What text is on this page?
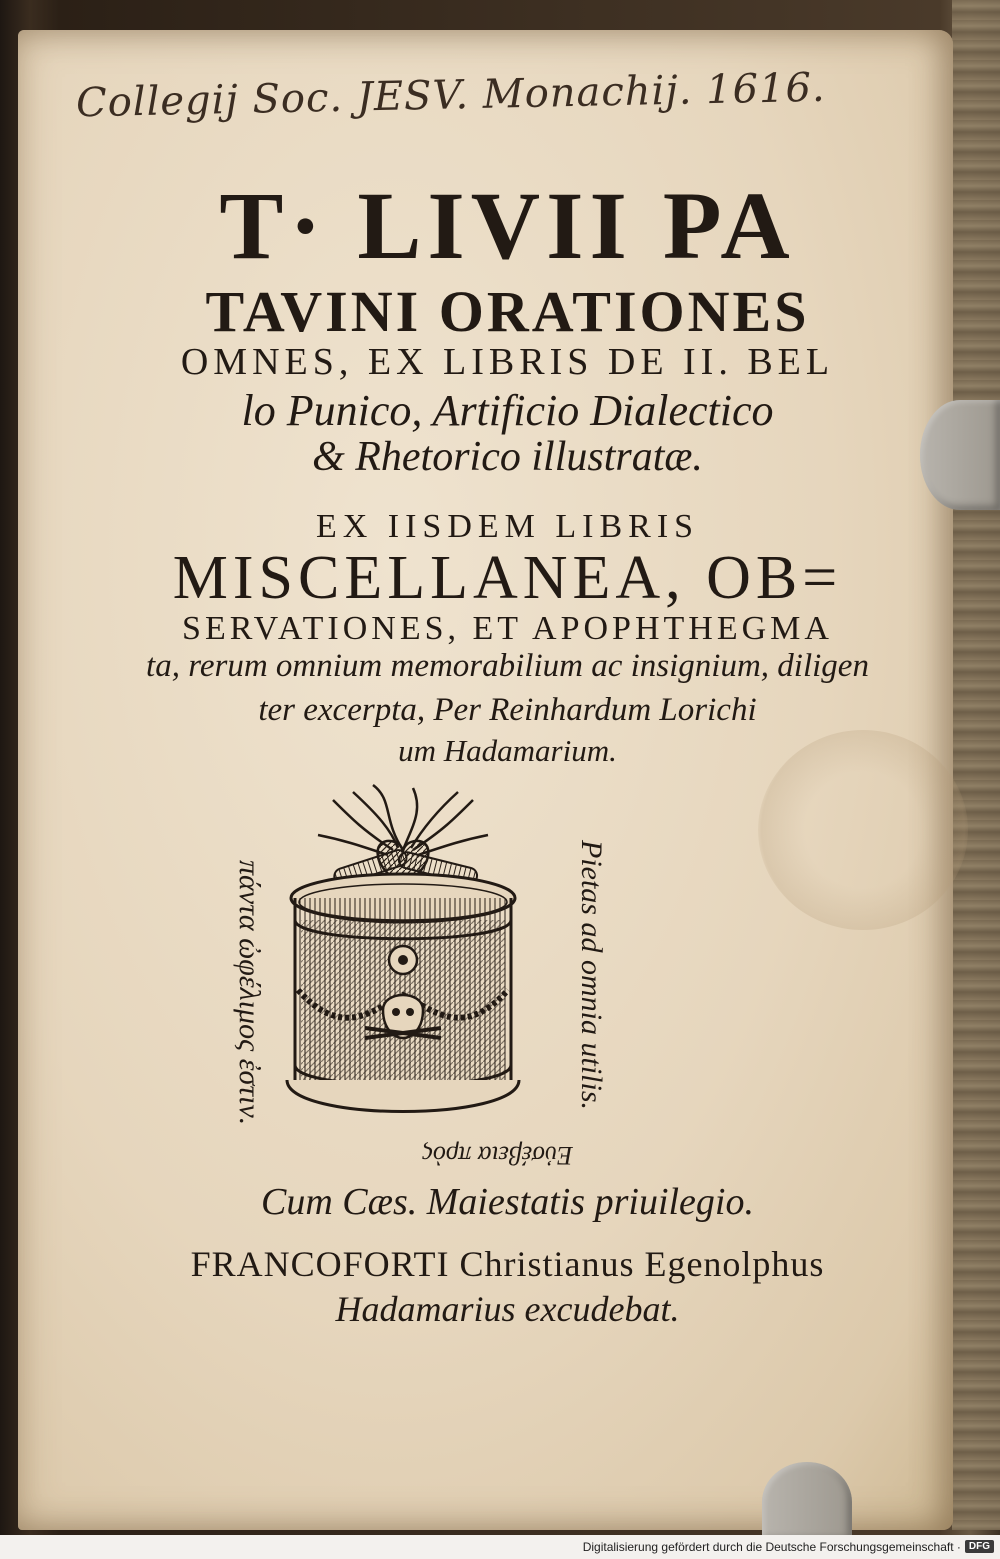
Collegij Soc. JESV. Monachij. 1616.
T· LIVII PA
TAVINI ORATIONES
OMNES, EX LIBRIS DE II. BEL
lo Punico, Artificio Dialectico
& Rhetorico illustratæ.
EX IISDEM LIBRIS
MISCELLANEA, OB=
SERVATIONES, ET APOPHTHEGMA
ta, rerum omnium memorabilium ac insignium, diligen
ter excerpta, Per Reinhardum Lorichi
um Hadamarium.
πάντα ὠφέλιμος ἐστιν.	Pietas ad omnia utilis.
Εὐσέβεια πρὸς
Cum Cæs. Maiestatis priuilegio.
FRANCOFORTI Christianus Egenolphus
Hadamarius excudebat.
Digitalisierung gefördert durch die Deutsche Forschungsgemeinschaft · DFG
